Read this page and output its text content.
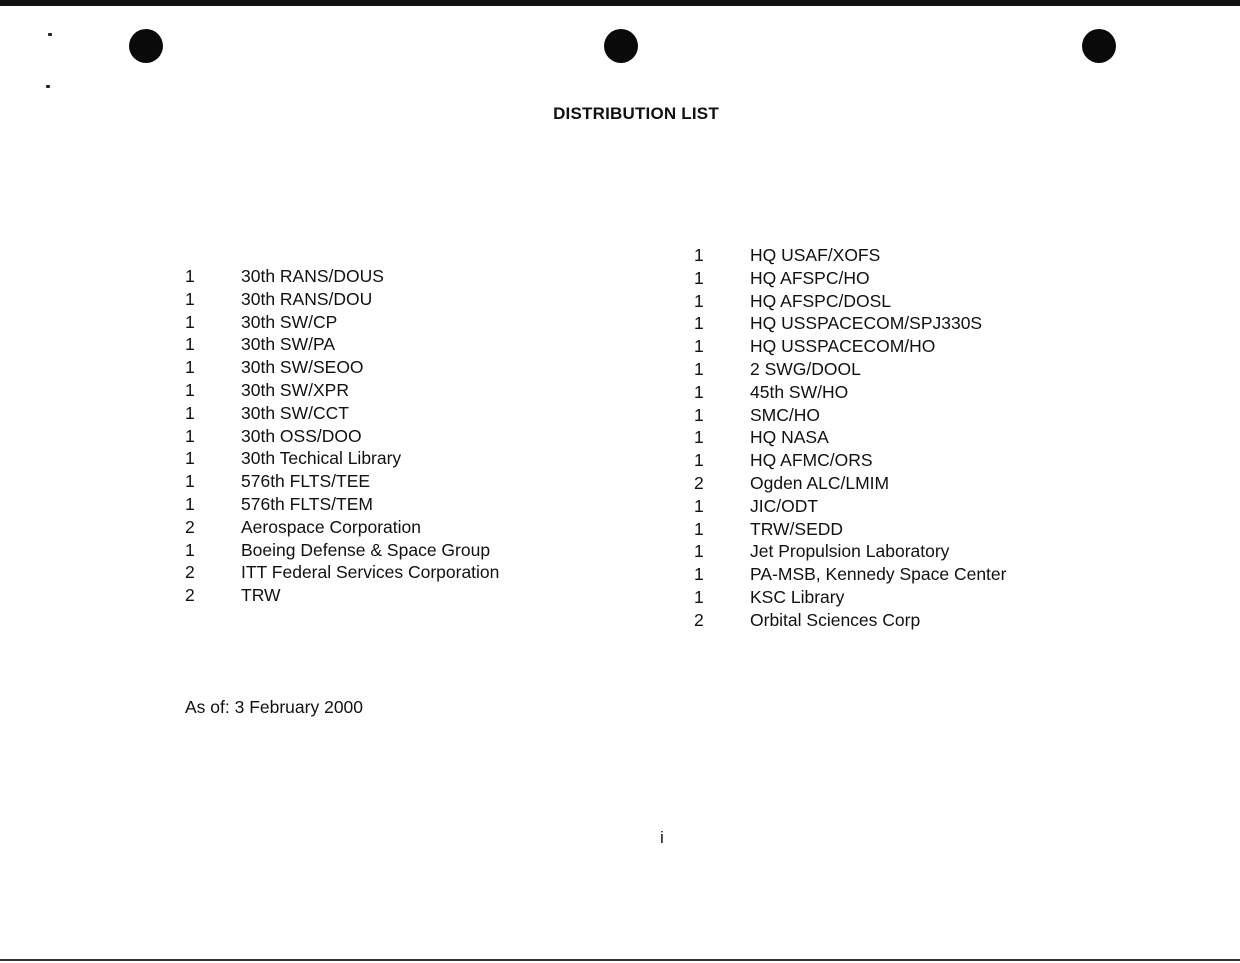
DISTRIBUTION LIST
1	30th RANS/DOUS
1	30th RANS/DOU
1	30th SW/CP
1	30th SW/PA
1	30th SW/SEOO
1	30th SW/XPR
1	30th SW/CCT
1	30th OSS/DOO
1	30th Techical Library
1	576th FLTS/TEE
1	576th FLTS/TEM
2	Aerospace Corporation
1	Boeing Defense & Space Group
2	ITT Federal Services Corporation
2	TRW
1	HQ USAF/XOFS
1	HQ AFSPC/HO
1	HQ AFSPC/DOSL
1	HQ USSPACECOM/SPJ330S
1	HQ USSPACECOM/HO
1	2 SWG/DOOL
1	45th SW/HO
1	SMC/HO
1	HQ NASA
1	HQ AFMC/ORS
2	Ogden ALC/LMIM
1	JIC/ODT
1	TRW/SEDD
1	Jet Propulsion Laboratory
1	PA-MSB, Kennedy Space Center
1	KSC Library
2	Orbital Sciences Corp
As of: 3 February 2000
i
